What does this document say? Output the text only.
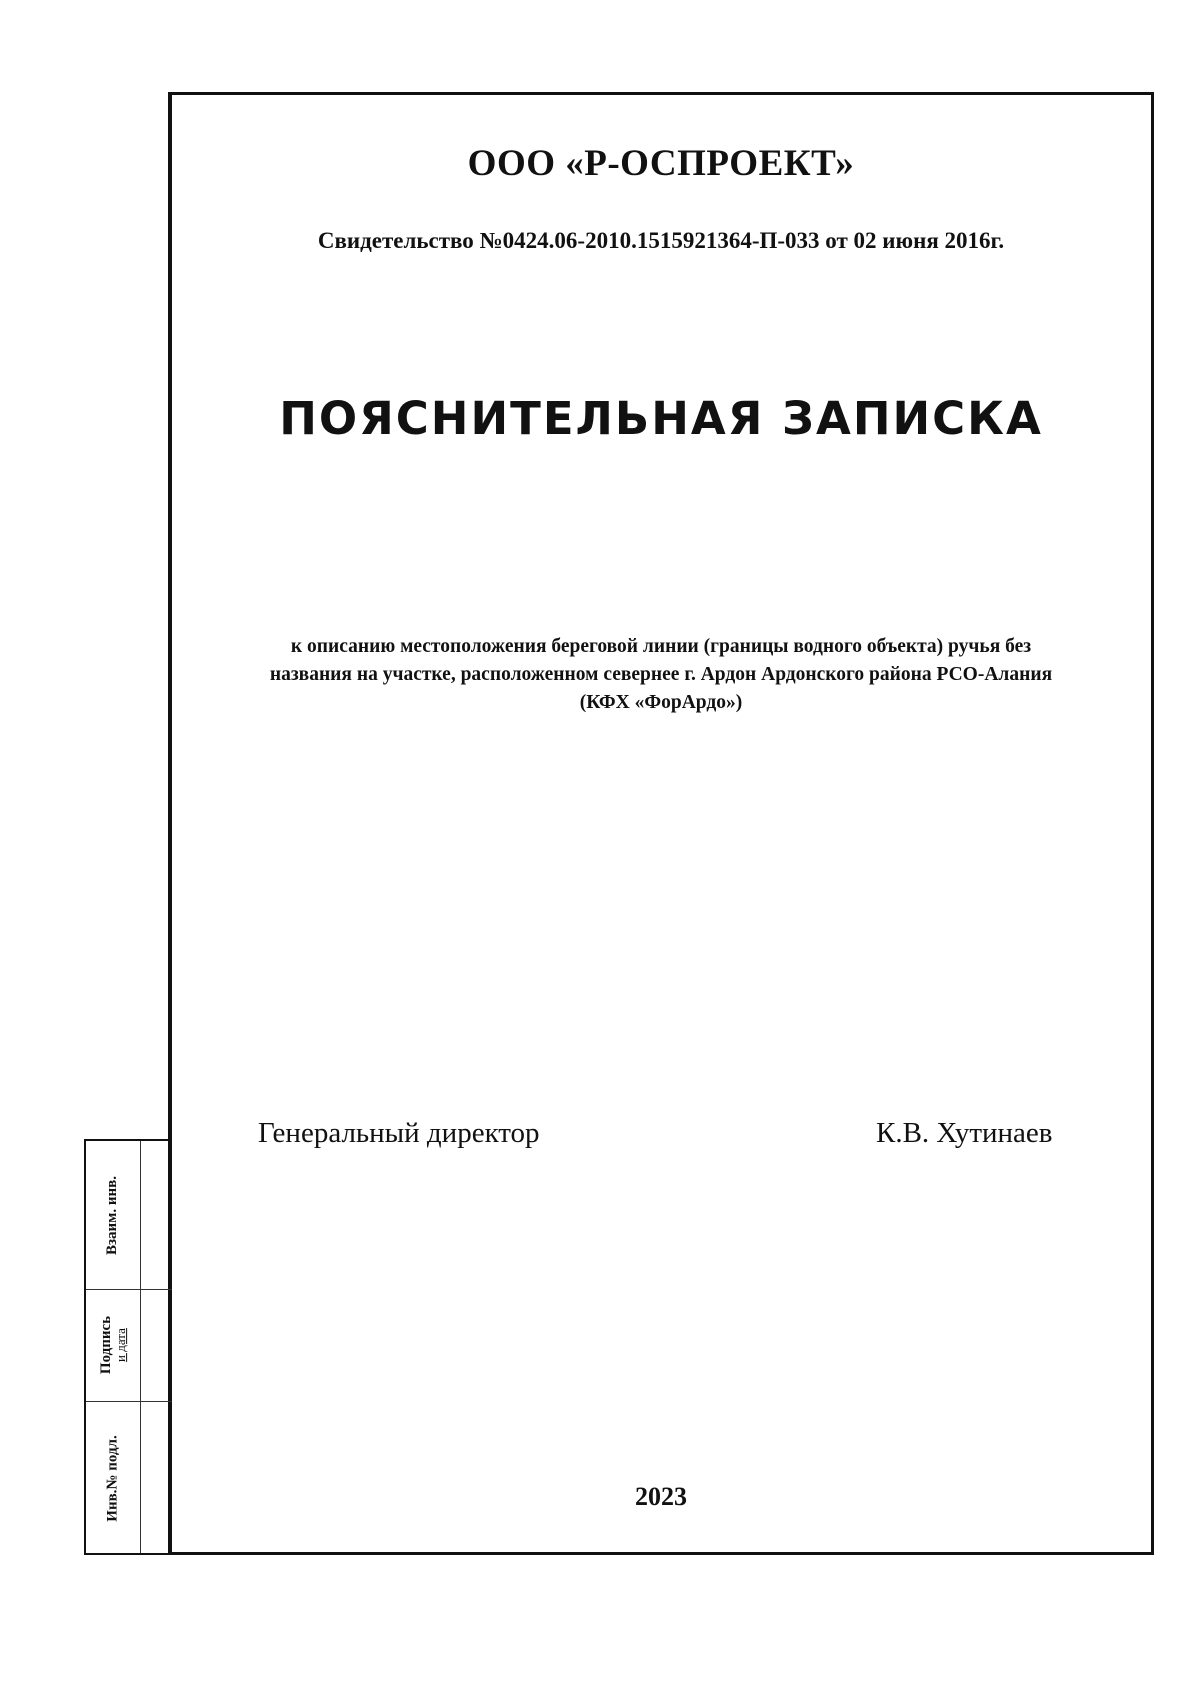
Взаим. инв.
Подпись и дата
Инв.№ подл.
ООО «Р-ОСПРОЕКТ»
Свидетельство №0424.06-2010.1515921364-П-033 от 02 июня 2016г.
ПОЯСНИТЕЛЬНАЯ ЗАПИСКА
к описанию местоположения береговой линии (границы водного объекта) ручья без
названия на участке, расположенном севернее г. Ардон Ардонского района РСО-Алания
(КФХ «ФорАрдо»)
Генеральный директор	К.В. Хутинаев
2023
